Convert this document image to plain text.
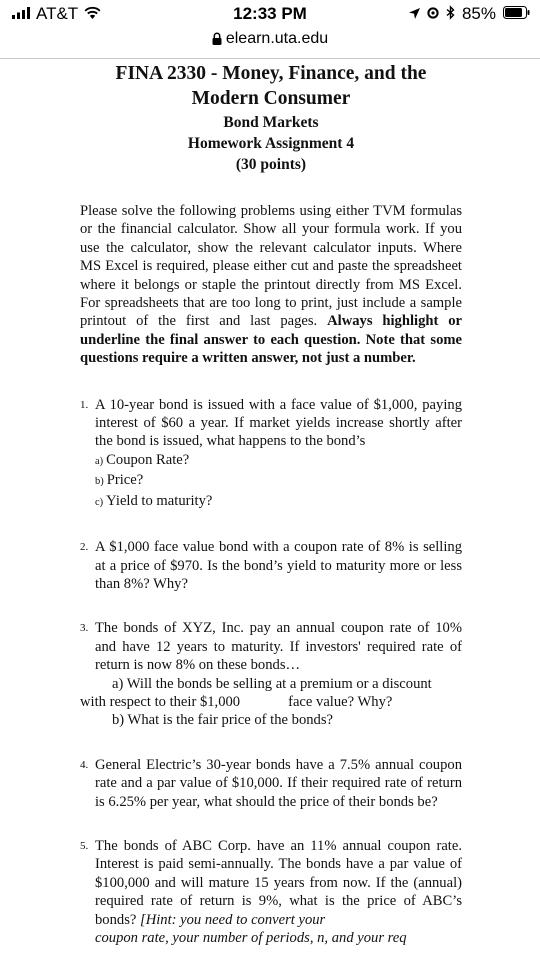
AT&T	12:33 PM	85%
elearn.uta.edu

FINA 2330 - Money, Finance, and the

Modern Consumer

Bond Markets

Homework Assignment 4

(30 points)

Please solve the following problems using either TVM formulas or the financial calculator. Show all your formula work. If you use the calculator, show the relevant calculator inputs. Where MS Excel is required, please either cut and paste the spreadsheet where it belongs or staple the printout directly from MS Excel. For spreadsheets that are too long to print, just include a sample printout of the first and last pages. Always highlight or underline the final answer to each question. Note that some questions require a written answer, not just a number.

1. A 10-year bond is issued with a face value of $1,000, paying interest of $60 a year. If market yields increase shortly after the bond is issued, what happens to the bond’s

a) Coupon Rate?

b) Price?

c) Yield to maturity?

2. A $1,000 face value bond with a coupon rate of 8% is selling at a price of $970. Is the bond’s yield to maturity more or less than 8%? Why?
3. The bonds of XYZ, Inc. pay an annual coupon rate of 10% and have 12 years to maturity. If investors' required rate of return is now 8% on these bonds…

a) Will the bonds be selling at a premium or a discount

with respect to their $1,000	face value? Why?

b) What is the fair price of the bonds?

4. General Electric’s 30-year bonds have a 7.5% annual coupon rate and a par value of $10,000. If their required rate of return is 6.25% per year, what should the price of their bonds be?
5. The bonds of ABC Corp. have an 11% annual coupon rate. Interest is paid semi-annually. The bonds have a par value of $100,000 and will mature 15 years from now. If the (annual) required rate of return is 9%, what is the price of ABC’s bonds? [Hint: you need to convert your
coupon rate, your number of periods, n, and your req
